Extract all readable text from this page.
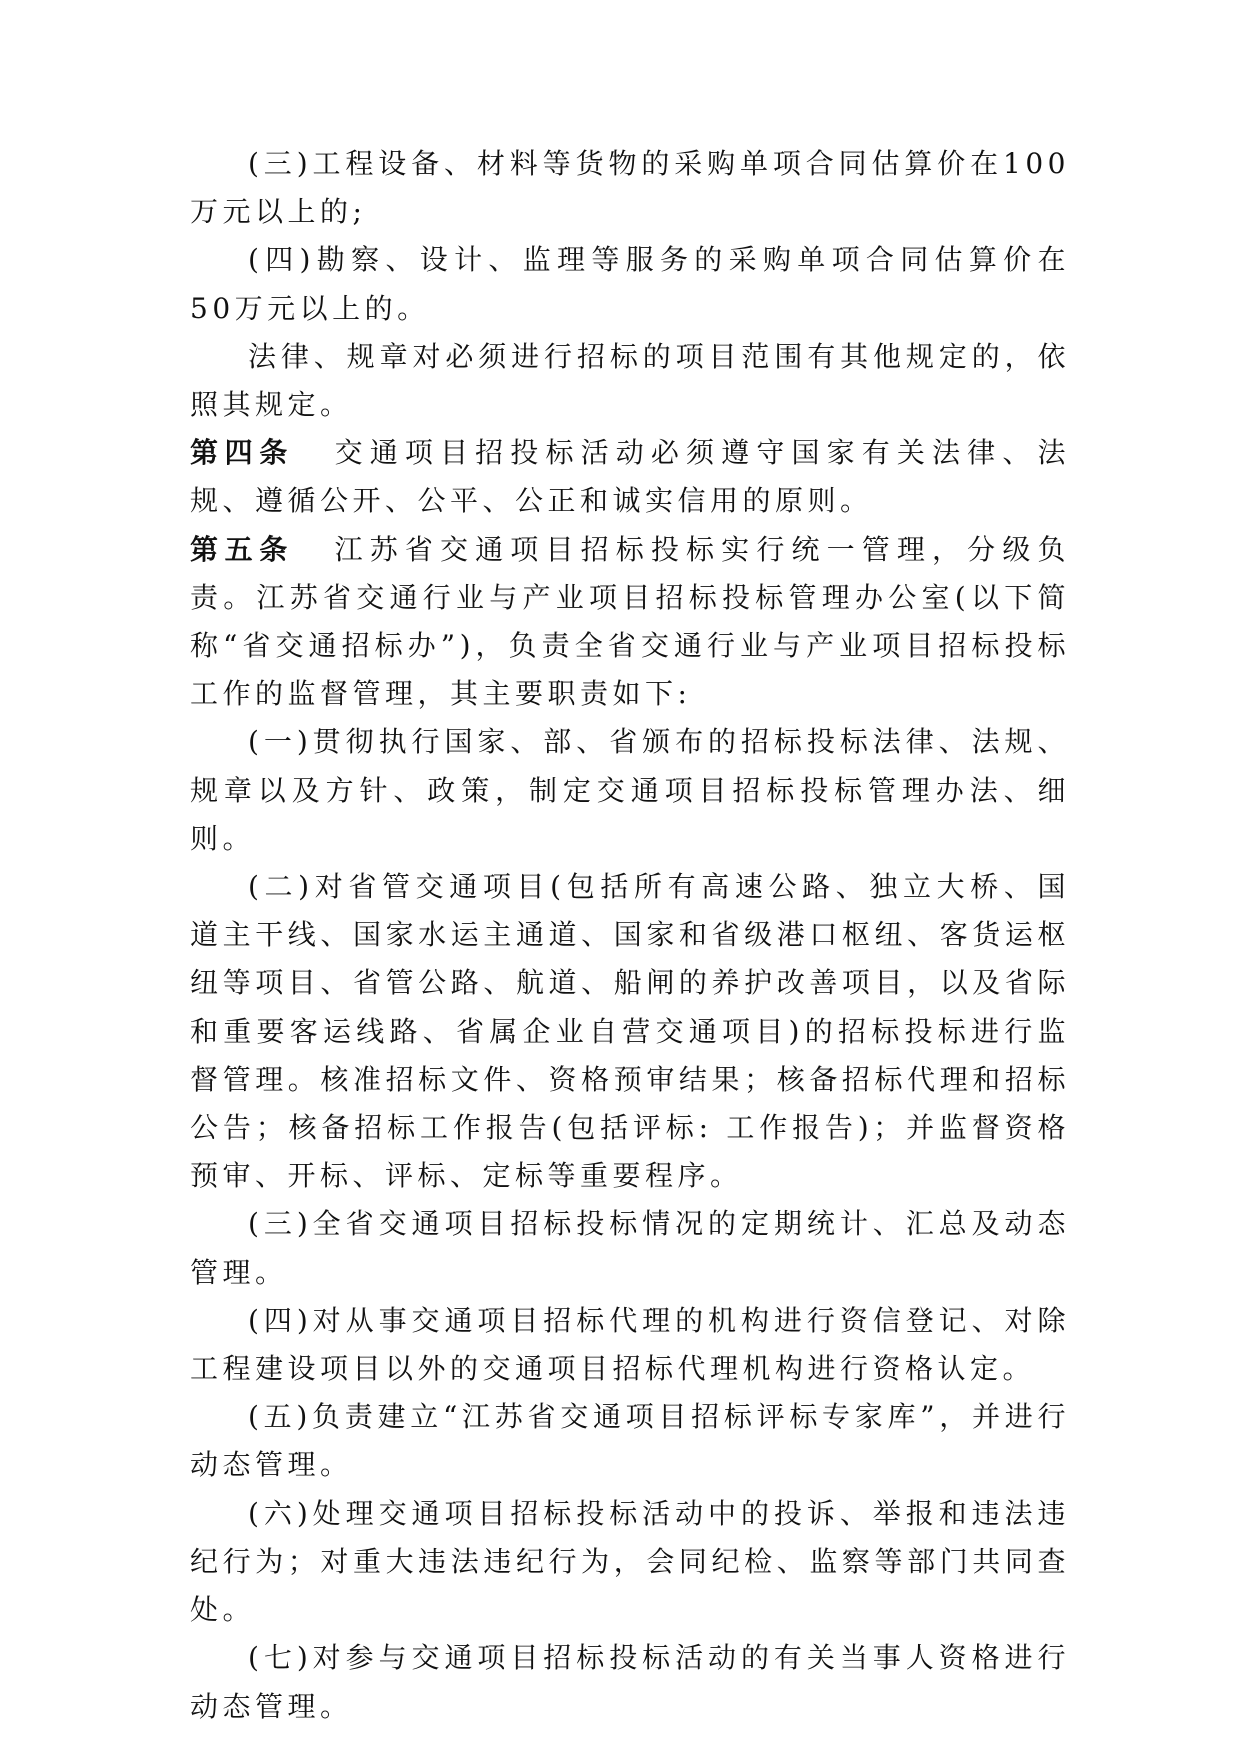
(三)工程设备、材料等货物的采购单项合同估算价在100万元以上的;

(四)勘察、设计、监理等服务的采购单项合同估算价在50万元以上的。

法律、规章对必须进行招标的项目范围有其他规定的，依照其规定。

第四条 交通项目招投标活动必须遵守国家有关法律、法规、遵循公开、公平、公正和诚实信用的原则。

第五条 江苏省交通项目招标投标实行统一管理，分级负责。江苏省交通行业与产业项目招标投标管理办公室(以下简称“省交通招标办”)，负责全省交通行业与产业项目招标投标工作的监督管理，其主要职责如下:

(一)贯彻执行国家、部、省颁布的招标投标法律、法规、规章以及方针、政策，制定交通项目招标投标管理办法、细则。

(二)对省管交通项目(包括所有高速公路、独立大桥、国道主干线、国家水运主通道、国家和省级港口枢纽、客货运枢纽等项目、省管公路、航道、船闸的养护改善项目，以及省际和重要客运线路、省属企业自营交通项目)的招标投标进行监督管理。核准招标文件、资格预审结果；核备招标代理和招标公告；核备招标工作报告(包括评标: 工作报告)；并监督资格预审、开标、评标、定标等重要程序。

(三)全省交通项目招标投标情况的定期统计、汇总及动态管理。

(四)对从事交通项目招标代理的机构进行资信登记、对除工程建设项目以外的交通项目招标代理机构进行资格认定。

(五)负责建立“江苏省交通项目招标评标专家库”，并进行动态管理。

(六)处理交通项目招标投标活动中的投诉、举报和违法违纪行为；对重大违法违纪行为，会同纪检、监察等部门共同查处。

(七)对参与交通项目招标投标活动的有关当事人资格进行动态管理。
